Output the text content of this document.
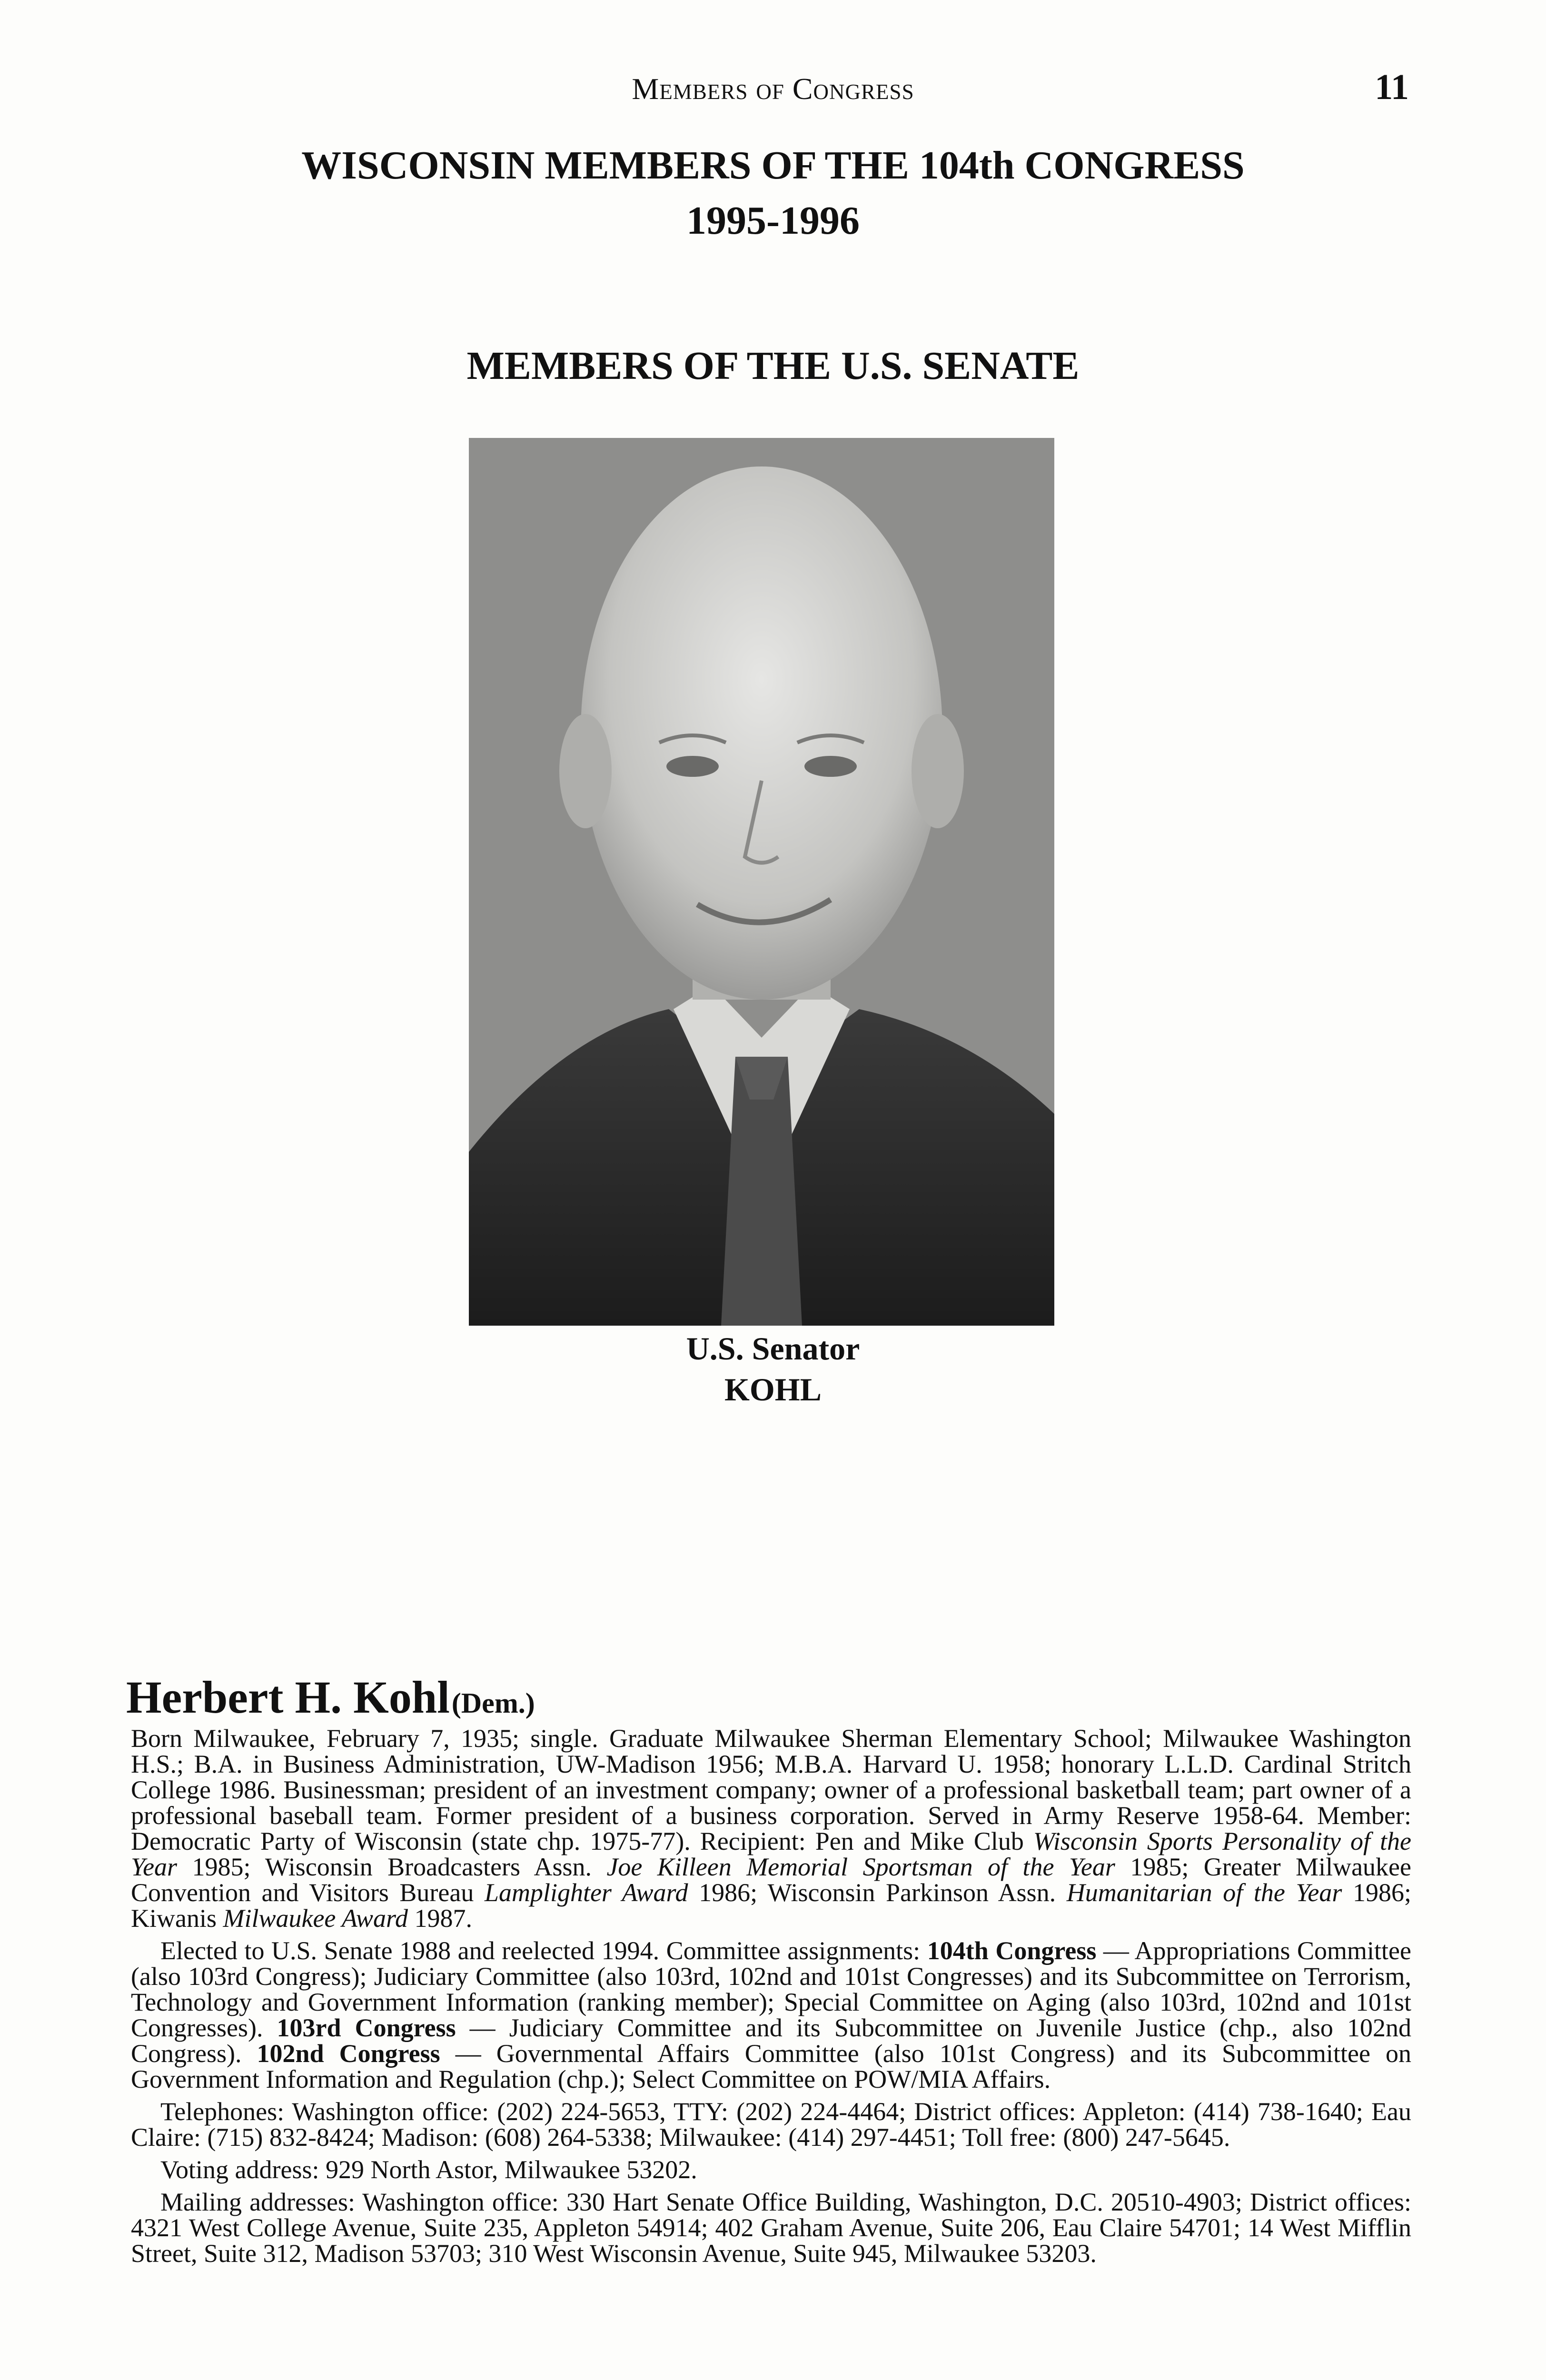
Members of Congress	11
WISCONSIN MEMBERS OF THE 104th CONGRESS
1995-1996
MEMBERS OF THE U.S. SENATE
U.S. Senator
KOHL
Herbert H. Kohl (Dem.)

Born Milwaukee, February 7, 1935; single. Graduate Milwaukee Sherman Elementary School; Milwaukee Washington H.S.; B.A. in Business Administration, UW-Madison 1956; M.B.A. Harvard U. 1958; honorary L.L.D. Cardinal Stritch College 1986. Businessman; president of an investment company; owner of a professional basketball team; part owner of a professional baseball team. Former president of a business corporation. Served in Army Reserve 1958-64. Member: Democratic Party of Wisconsin (state chp. 1975-77). Recipient: Pen and Mike Club Wisconsin Sports Personality of the Year 1985; Wisconsin Broadcasters Assn. Joe Killeen Memorial Sportsman of the Year 1985; Greater Milwaukee Convention and Visitors Bureau Lamplighter Award 1986; Wisconsin Parkinson Assn. Humanitarian of the Year 1986; Kiwanis Milwaukee Award 1987.

Elected to U.S. Senate 1988 and reelected 1994. Committee assignments: 104th Congress — Appropriations Committee (also 103rd Congress); Judiciary Committee (also 103rd, 102nd and 101st Congresses) and its Subcommittee on Terrorism, Technology and Government Information (ranking member); Special Committee on Aging (also 103rd, 102nd and 101st Congresses). 103rd Congress — Judiciary Committee and its Subcommittee on Juvenile Justice (chp., also 102nd Congress). 102nd Congress — Governmental Affairs Committee (also 101st Congress) and its Subcommittee on Government Information and Regulation (chp.); Select Committee on POW/MIA Affairs.

Telephones: Washington office: (202) 224-5653, TTY: (202) 224-4464; District offices: Appleton: (414) 738-1640; Eau Claire: (715) 832-8424; Madison: (608) 264-5338; Milwaukee: (414) 297-4451; Toll free: (800) 247-5645.

Voting address: 929 North Astor, Milwaukee 53202.

Mailing addresses: Washington office: 330 Hart Senate Office Building, Washington, D.C. 20510-4903; District offices: 4321 West College Avenue, Suite 235, Appleton 54914; 402 Graham Avenue, Suite 206, Eau Claire 54701; 14 West Mifflin Street, Suite 312, Madison 53703; 310 West Wisconsin Avenue, Suite 945, Milwaukee 53203.
